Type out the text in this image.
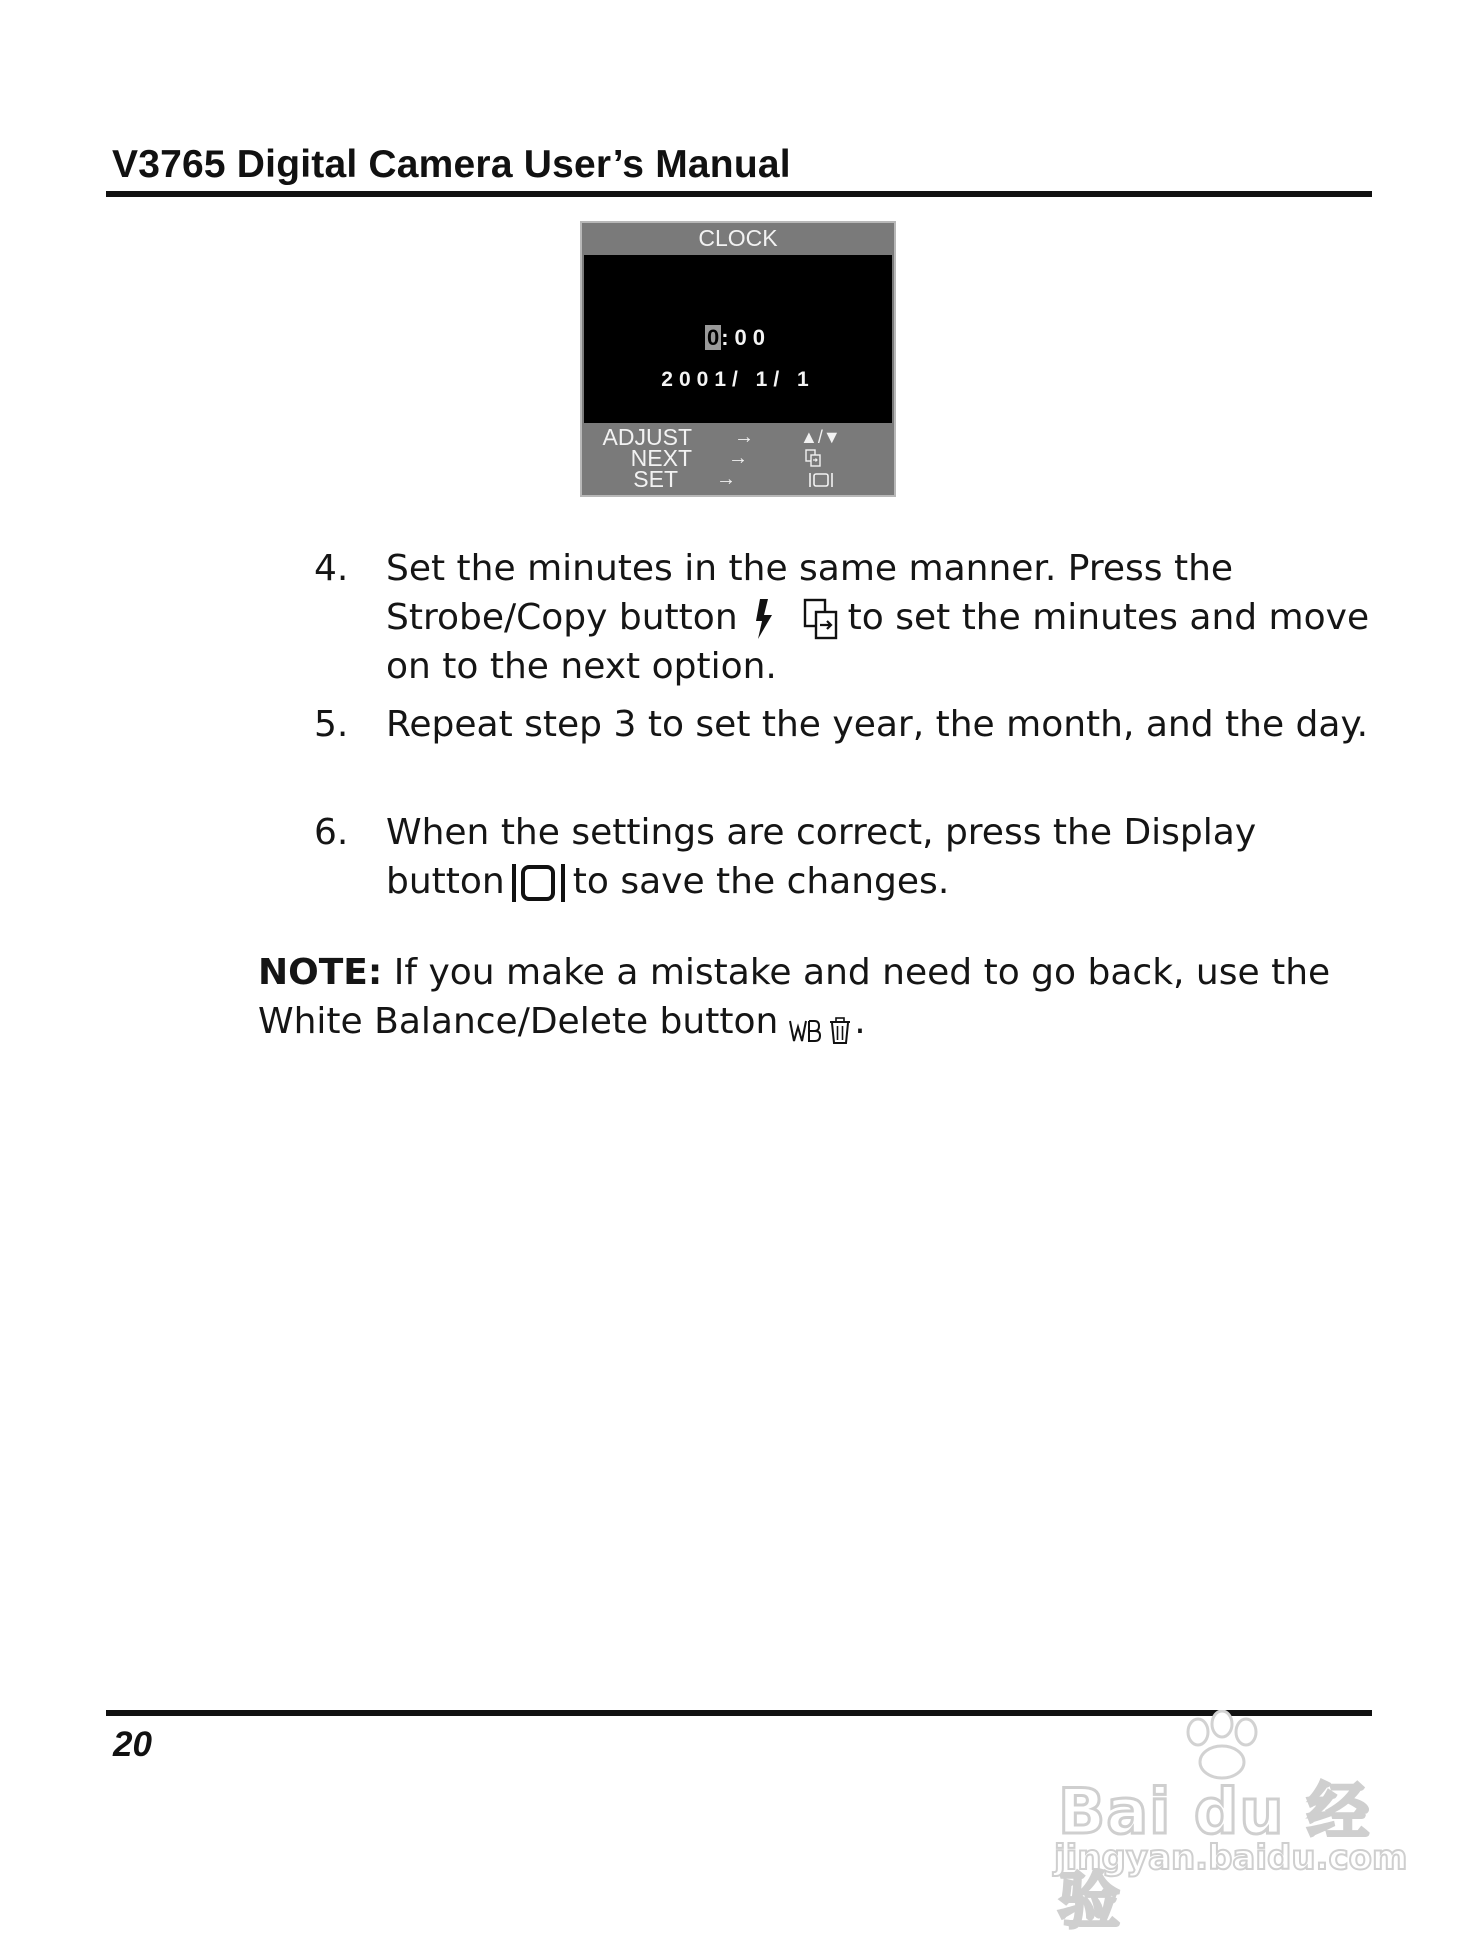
V3765 Digital Camera User’s Manual
CLOCK
0:00
2001/ 1/ 1
ADJUST →	▲/▼
NEXT →
SET →
4. Set the minutes in the same manner. Press the Strobe/Copy button	to set the minutes and move on to the next option.
5. Repeat step 3 to set the year, the month, and the day.
6. When the settings are correct, press the Display button to save the changes.
NOTE: If you make a mistake and need to go back, use the White Balance/Delete button .
20
Bai du 经验
jingyan.baidu.com
